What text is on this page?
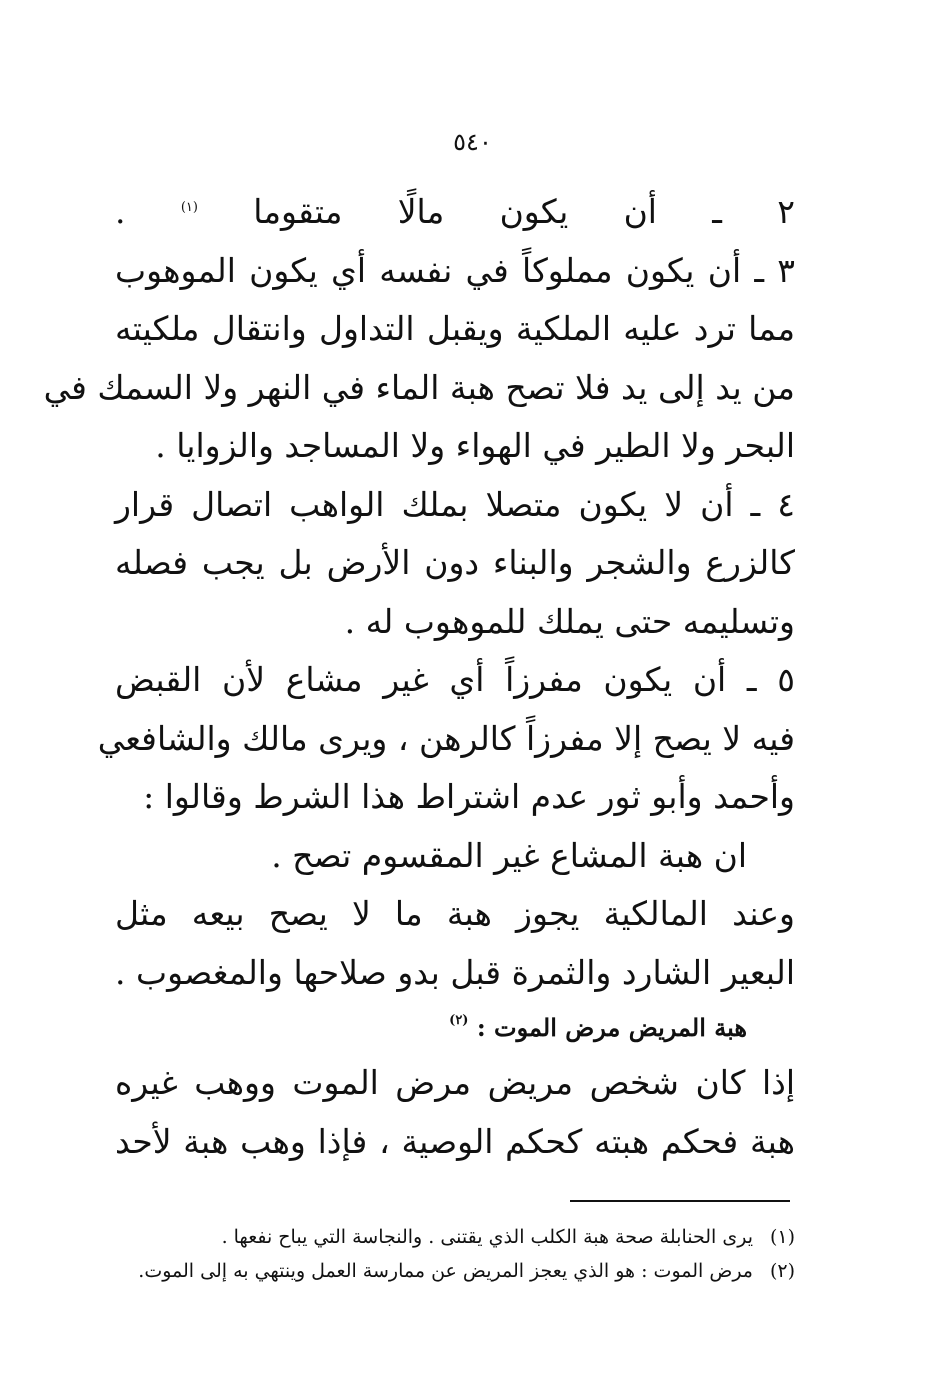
٥٤٠
٢ ـ أن يكون مالًا متقوما $^{(١)}$ .
٣ ـ أن يكون مملوكاً في نفسه أي يكون الموهوب
مما ترد عليه الملكية ويقبل التداول وانتقال ملكيته
من يد إلى يد فلا تصح هبة الماء في النهر ولا السمك في
البحر ولا الطير في الهواء ولا المساجد والزوايا .
٤ ـ أن لا يكون متصلا بملك الواهب اتصال قرار
كالزرع والشجر والبناء دون الأرض بل يجب فصله
وتسليمه حتى يملك للموهوب له .
٥ ـ أن يكون مفرزاً أي غير مشاع لأن القبض
فيه لا يصح إلا مفرزاً كالرهن ، ويرى مالك والشافعي
وأحمد وأبو ثور عدم اشتراط هذا الشرط وقالوا :
ان هبة المشاع غير المقسوم تصح .
وعند المالكية يجوز هبة ما لا يصح بيعه مثل
البعير الشارد والثمرة قبل بدو صلاحها والمغصوب .
هبة المريض مرض الموت : $^{(٢)}$
إذا كان شخص مريض مرض الموت ووهب غيره
هبة فحكم هبته كحكم الوصية ، فإذا وهب هبة لأحد
(١)
يرى الحنابلة صحة هبة الكلب الذي يقتنى . والنجاسة التي يباح نفعها .
(٢)
مرض الموت : هو الذي يعجز المريض عن ممارسة العمل وينتهي به إلى الموت.
